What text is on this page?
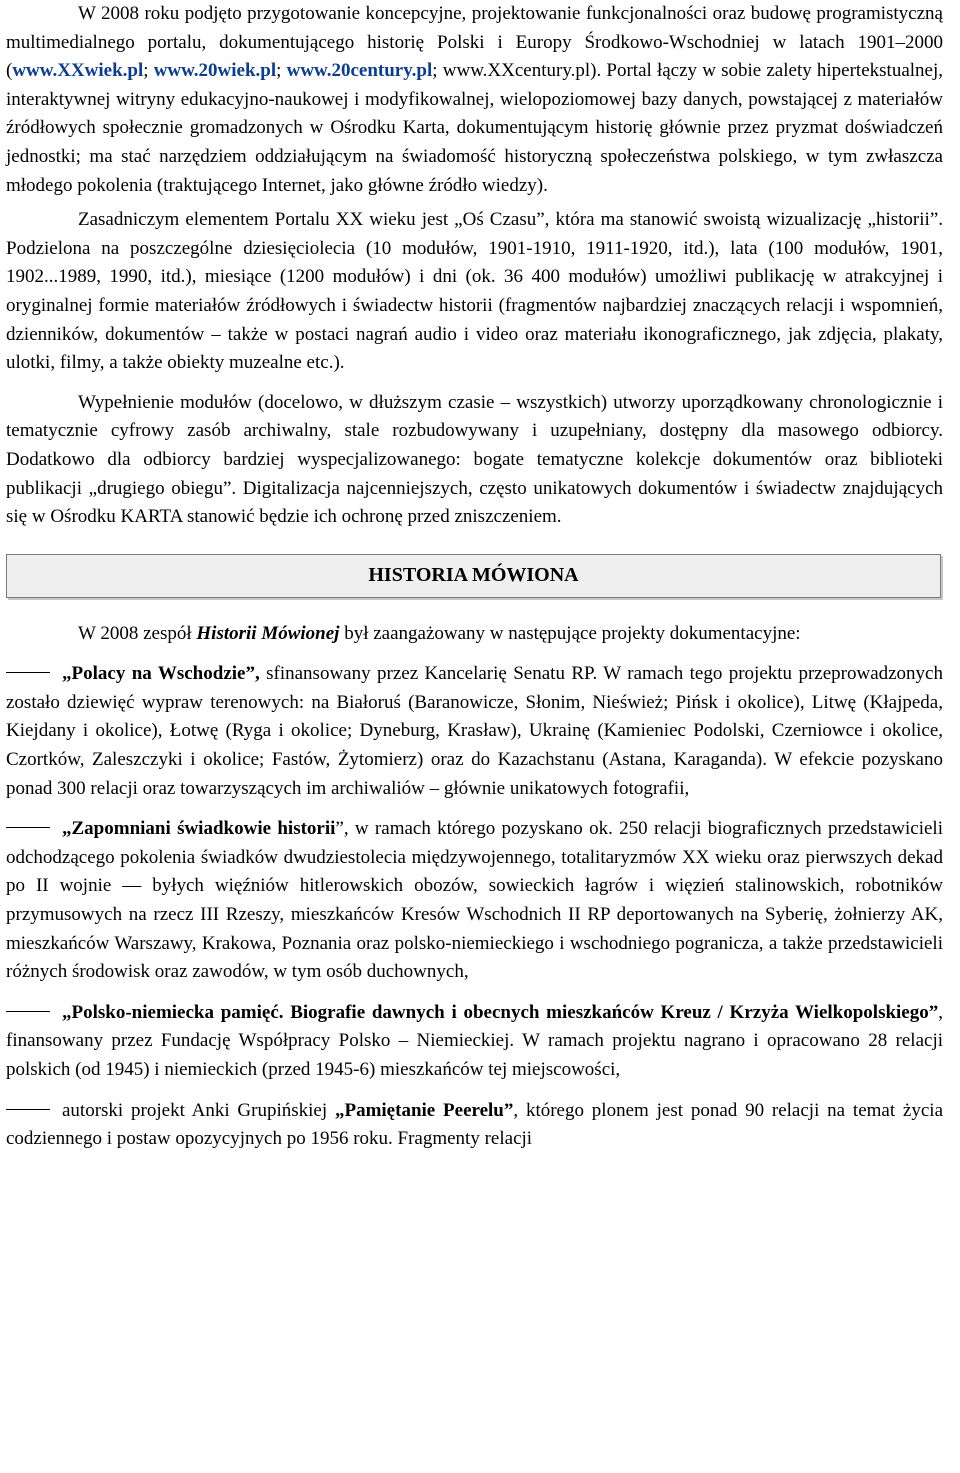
W 2008 roku podjęto przygotowanie koncepcyjne, projektowanie funkcjonalności oraz budowę programistyczną multimedialnego portalu, dokumentującego historię Polski i Europy Środkowo-Wschodniej w latach 1901–2000 (www.XXwiek.pl; www.20wiek.pl; www.20century.pl; www.XXcentury.pl). Portal łączy w sobie zalety hipertekstualnej, interaktywnej witryny edukacyjno-naukowej i modyfikowalnej, wielopoziomowej bazy danych, powstającej z materiałów źródłowych społecznie gromadzonych w Ośrodku Karta, dokumentującym historię głównie przez pryzmat doświadczeń jednostki; ma stać narzędziem oddziałującym na świadomość historyczną społeczeństwa polskiego, w tym zwłaszcza młodego pokolenia (traktującego Internet, jako główne źródło wiedzy).

Zasadniczym elementem Portalu XX wieku jest „Oś Czasu”, która ma stanowić swoistą wizualizację „historii”. Podzielona na poszczególne dziesięciolecia (10 modułów, 1901-1910, 1911-1920, itd.), lata (100 modułów, 1901, 1902...1989, 1990, itd.), miesiące (1200 modułów) i dni (ok. 36 400 modułów) umożliwi publikację w atrakcyjnej i oryginalnej formie materiałów źródłowych i świadectw historii (fragmentów najbardziej znaczących relacji i wspomnień, dzienników, dokumentów – także w postaci nagrań audio i video oraz materiału ikonograficznego, jak zdjęcia, plakaty, ulotki, filmy, a także obiekty muzealne etc.).

Wypełnienie modułów (docelowo, w dłuższym czasie – wszystkich) utworzy uporządkowany chronologicznie i tematycznie cyfrowy zasób archiwalny, stale rozbudowywany i uzupełniany, dostępny dla masowego odbiorcy. Dodatkowo dla odbiorcy bardziej wyspecjalizowanego: bogate tematyczne kolekcje dokumentów oraz biblioteki publikacji „drugiego obiegu”. Digitalizacja najcenniejszych, często unikatowych dokumentów i świadectw znajdujących się w Ośrodku KARTA stanowić będzie ich ochronę przed zniszczeniem.

HISTORIA MÓWIONA

W 2008 zespół Historii Mówionej był zaangażowany w następujące projekty dokumentacyjne:

„Polacy na Wschodzie”, sfinansowany przez Kancelarię Senatu RP. W ramach tego projektu przeprowadzonych zostało dziewięć wypraw terenowych: na Białoruś (Baranowicze, Słonim, Nieśwież; Pińsk i okolice), Litwę (Kłajpeda, Kiejdany i okolice), Łotwę (Ryga i okolice; Dyneburg, Krasław), Ukrainę (Kamieniec Podolski, Czerniowce i okolice, Czortków, Zaleszczyki i okolice; Fastów, Żytomierz) oraz do Kazachstanu (Astana, Karaganda). W efekcie pozyskano ponad 300 relacji oraz towarzyszących im archiwaliów – głównie unikatowych fotografii,

„Zapomniani świadkowie historii”, w ramach którego pozyskano ok. 250 relacji biograficznych przedstawicieli odchodzącego pokolenia świadków dwudziestolecia międzywojennego, totalitaryzmów XX wieku oraz pierwszych dekad po II wojnie — byłych więźniów hitlerowskich obozów, sowieckich łagrów i więzień stalinowskich, robotników przymusowych na rzecz III Rzeszy, mieszkańców Kresów Wschodnich II RP deportowanych na Syberię, żołnierzy AK, mieszkańców Warszawy, Krakowa, Poznania oraz polsko-niemieckiego i wschodniego pogranicza, a także przedstawicieli różnych środowisk oraz zawodów, w tym osób duchownych,

„Polsko-niemiecka pamięć. Biografie dawnych i obecnych mieszkańców Kreuz / Krzyża Wielkopolskiego”, finansowany przez Fundację Współpracy Polsko – Niemieckiej. W ramach projektu nagrano i opracowano 28 relacji polskich (od 1945) i niemieckich (przed 1945-6) mieszkańców tej miejscowości,

autorski projekt Anki Grupińskiej „Pamiętanie Peerelu”, którego plonem jest ponad 90 relacji na temat życia codziennego i postaw opozycyjnych po 1956 roku. Fragmenty relacji
